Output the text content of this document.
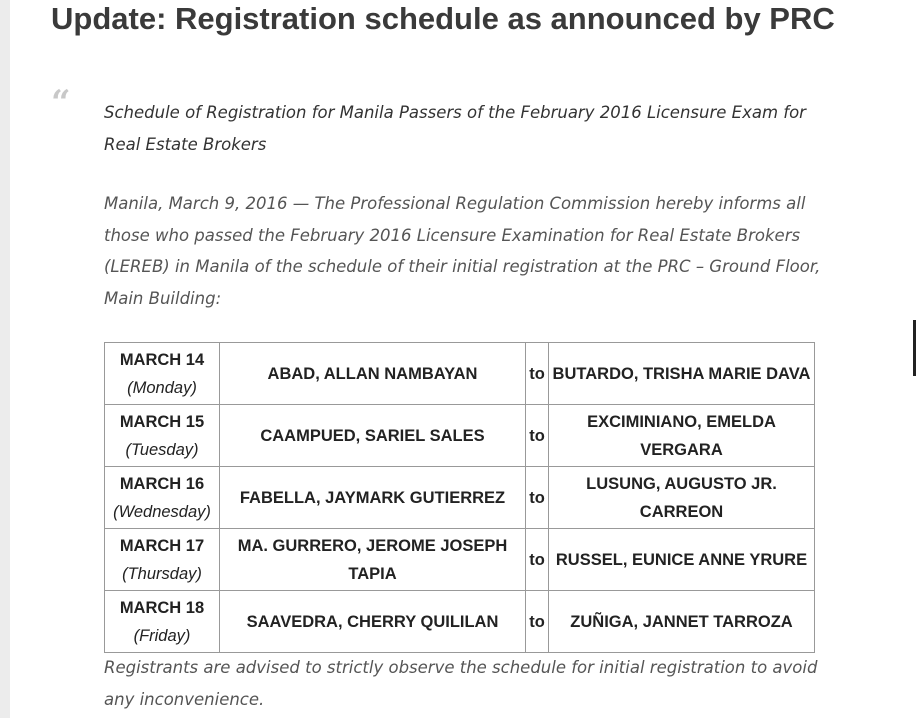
Update: Registration schedule as announced by PRC
“ Schedule of Registration for Manila Passers of the February 2016 Licensure Exam for Real Estate Brokers

Manila, March 9, 2016 — The Professional Regulation Commission hereby informs all those who passed the February 2016 Licensure Examination for Real Estate Brokers (LEREB) in Manila of the schedule of their initial registration at the PRC – Ground Floor, Main Building:

MARCH 14
(Monday)	ABAD, ALLAN NAMBAYAN	to	BUTARDO, TRISHA MARIE DAVA

MARCH 15
(Tuesday)	CAAMPUED, SARIEL SALES	to	EXCIMINIANO, EMELDA VERGARA

MARCH 16
(Wednesday)	FABELLA, JAYMARK GUTIERREZ	to	LUSUNG, AUGUSTO JR. CARREON

MARCH 17
(Thursday)	MA. GURRERO, JEROME JOSEPH TAPIA	to	RUSSEL, EUNICE ANNE YRURE

MARCH 18
(Friday)	SAAVEDRA, CHERRY QUILILAN	to	ZUÑIGA, JANNET TARROZA

Registrants are advised to strictly observe the schedule for initial registration to avoid any inconvenience.
